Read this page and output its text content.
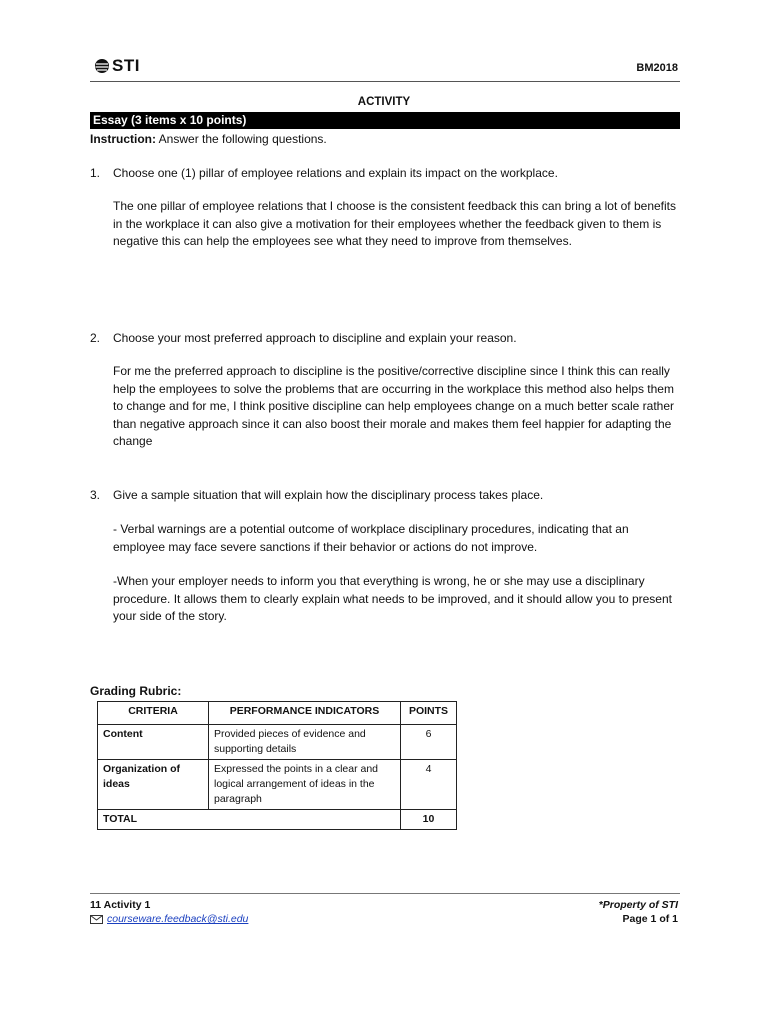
STI	BM2018
ACTIVITY
Essay (3 items x 10 points)
Instruction: Answer the following questions.
1. Choose one (1) pillar of employee relations and explain its impact on the workplace.
The one pillar of employee relations that I choose is the consistent feedback this can bring a lot of benefits in the workplace it can also give a motivation for their employees whether the feedback given to them is negative this can help the employees see what they need to improve from themselves.
2. Choose your most preferred approach to discipline and explain your reason.
For me the preferred approach to discipline is the positive/corrective discipline since I think this can really help the employees to solve the problems that are occurring in the workplace this method also helps them to change and for me, I think positive discipline can help employees change on a much better scale rather than negative approach since it can also boost their morale and makes them feel happier for adapting the change
3. Give a sample situation that will explain how the disciplinary process takes place.
- Verbal warnings are a potential outcome of workplace disciplinary procedures, indicating that an employee may face severe sanctions if their behavior or actions do not improve.
-When your employer needs to inform you that everything is wrong, he or she may use a disciplinary procedure. It allows them to clearly explain what needs to be improved, and it should allow you to present your side of the story.
Grading Rubric:
CRITERIA	PERFORMANCE INDICATORS	POINTS
Content	Provided pieces of evidence and supporting details	6
Organization of ideas	Expressed the points in a clear and logical arrangement of ideas in the paragraph	4
TOTAL		10
11 Activity 1
courseware.feedback@sti.edu
*Property of STI
Page 1 of 1
